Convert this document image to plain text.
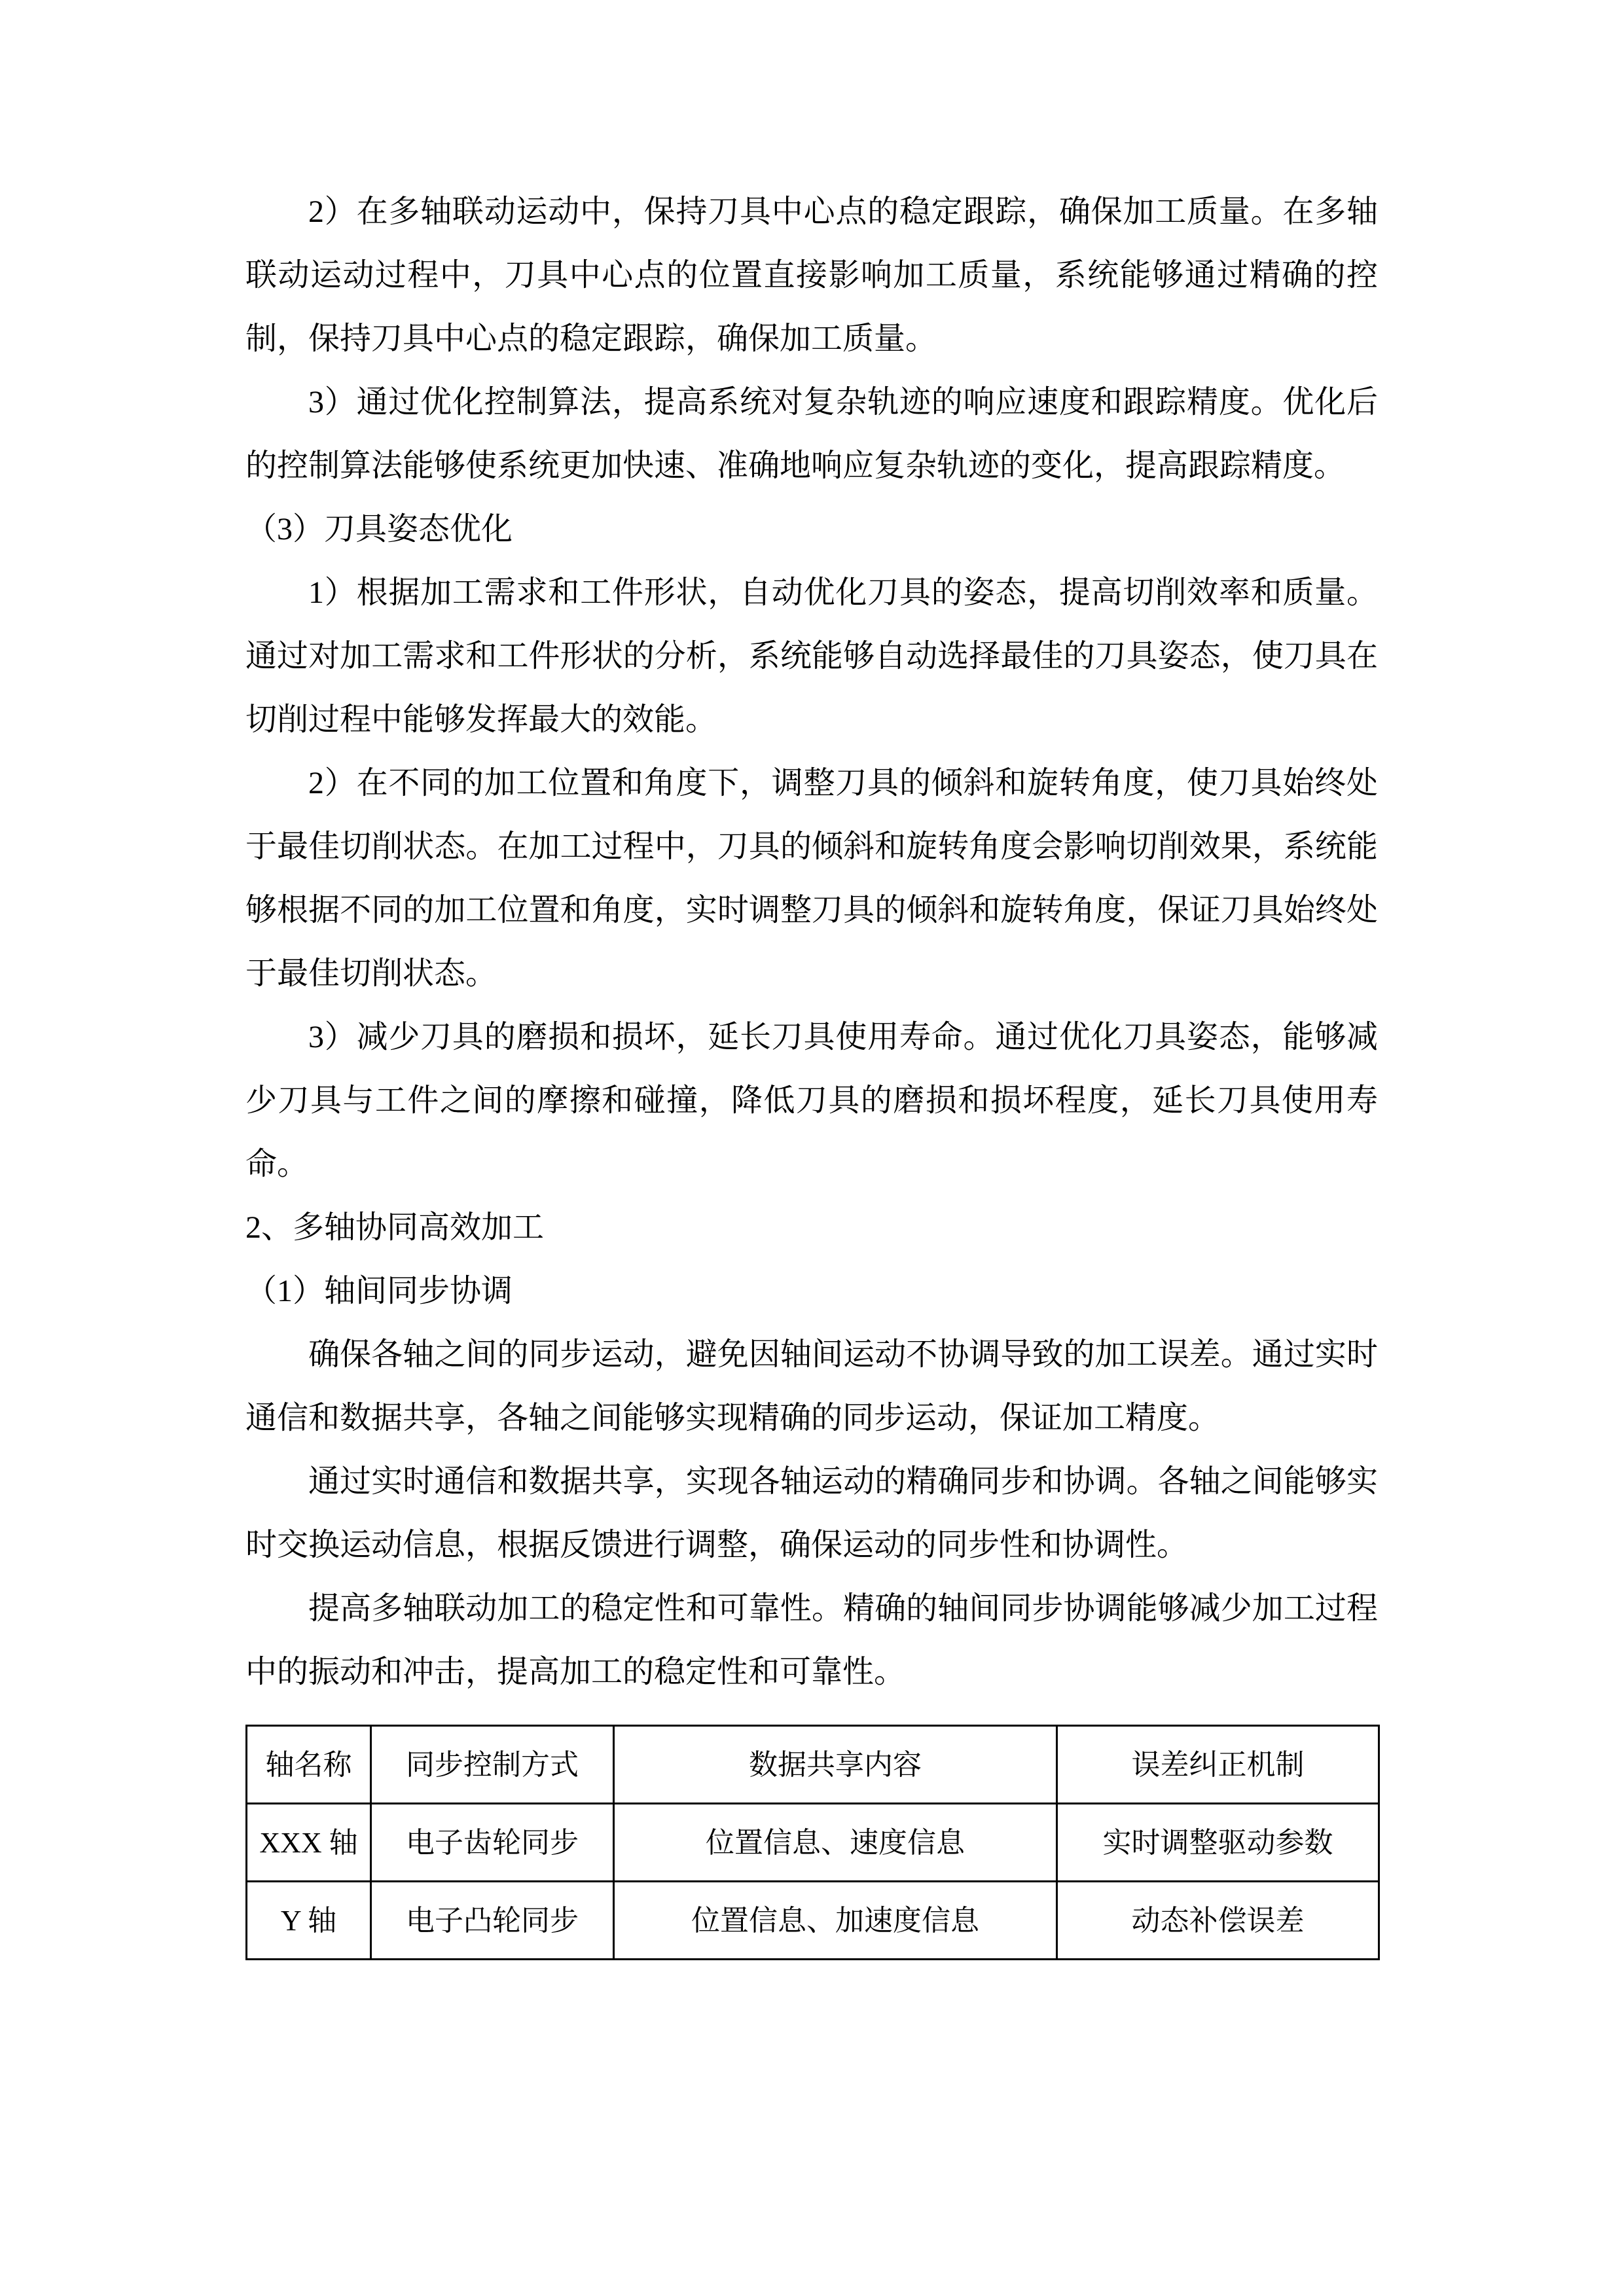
2）在多轴联动运动中，保持刀具中心点的稳定跟踪，确保加工质量。在多轴联动运动过程中，刀具中心点的位置直接影响加工质量，系统能够通过精确的控制，保持刀具中心点的稳定跟踪，确保加工质量。

3）通过优化控制算法，提高系统对复杂轨迹的响应速度和跟踪精度。优化后的控制算法能够使系统更加快速、准确地响应复杂轨迹的变化，提高跟踪精度。

（3）刀具姿态优化

1）根据加工需求和工件形状，自动优化刀具的姿态，提高切削效率和质量。通过对加工需求和工件形状的分析，系统能够自动选择最佳的刀具姿态，使刀具在切削过程中能够发挥最大的效能。

2）在不同的加工位置和角度下，调整刀具的倾斜和旋转角度，使刀具始终处于最佳切削状态。在加工过程中，刀具的倾斜和旋转角度会影响切削效果，系统能够根据不同的加工位置和角度，实时调整刀具的倾斜和旋转角度，保证刀具始终处于最佳切削状态。

3）减少刀具的磨损和损坏，延长刀具使用寿命。通过优化刀具姿态，能够减少刀具与工件之间的摩擦和碰撞，降低刀具的磨损和损坏程度，延长刀具使用寿命。

2、多轴协同高效加工

（1）轴间同步协调

确保各轴之间的同步运动，避免因轴间运动不协调导致的加工误差。通过实时通信和数据共享，各轴之间能够实现精确的同步运动，保证加工精度。

通过实时通信和数据共享，实现各轴运动的精确同步和协调。各轴之间能够实时交换运动信息，根据反馈进行调整，确保运动的同步性和协调性。

提高多轴联动加工的稳定性和可靠性。精确的轴间同步协调能够减少加工过程中的振动和冲击，提高加工的稳定性和可靠性。

轴名称	同步控制方式	数据共享内容	误差纠正机制
XXX 轴	电子齿轮同步	位置信息、速度信息	实时调整驱动参数
Y 轴	电子凸轮同步	位置信息、加速度信息	动态补偿误差
